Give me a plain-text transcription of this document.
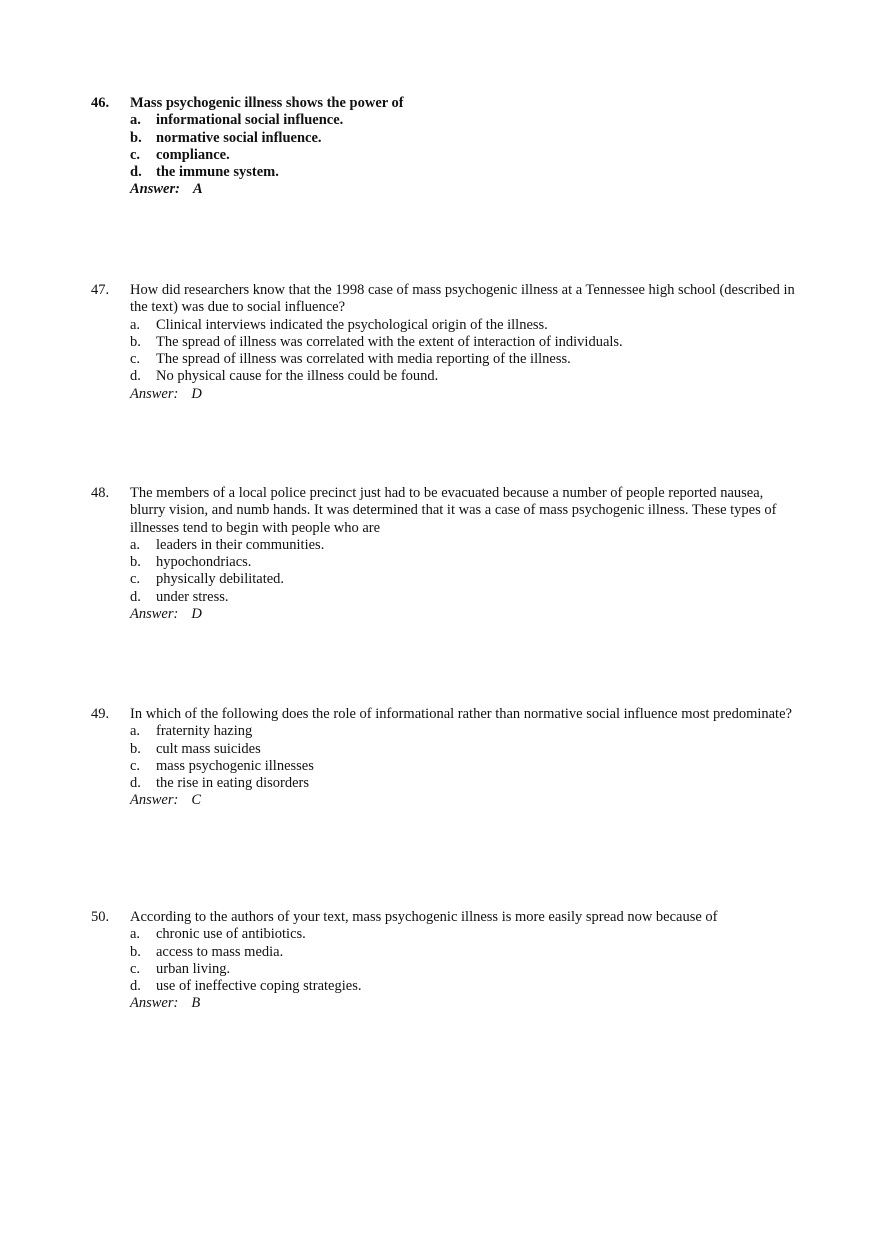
46.	Mass psychogenic illness shows the power of
a.	informational social influence.
b. normative social influence.
c.	compliance.
d. the immune system.
Answer: A
47.	How did researchers know that the 1998 case of mass psychogenic illness at a Tennessee high school (described in the text) was due to social influence?
a.	Clinical interviews indicated the psychological origin of the illness.
b.	The spread of illness was correlated with the extent of interaction of individuals.
c.	The spread of illness was correlated with media reporting of the illness.
d.	No physical cause for the illness could be found.
Answer: D
48.	The members of a local police precinct just had to be evacuated because a number of people reported nausea, blurry vision, and numb hands. It was determined that it was a case of mass psychogenic illness. These types of illnesses tend to begin with people who are
a.	leaders in their communities.
b.	hypochondriacs.
c.	physically debilitated.
d.	under stress.
Answer: D
49.	In which of the following does the role of informational rather than normative social influence most predominate?
a.	fraternity hazing
b.	cult mass suicides
c.	mass psychogenic illnesses
d.	the rise in eating disorders
Answer: C
50.	According to the authors of your text, mass psychogenic illness is more easily spread now because of
a.	chronic use of antibiotics.
b.	access to mass media.
c.	urban living.
d.	use of ineffective coping strategies.
Answer: B
